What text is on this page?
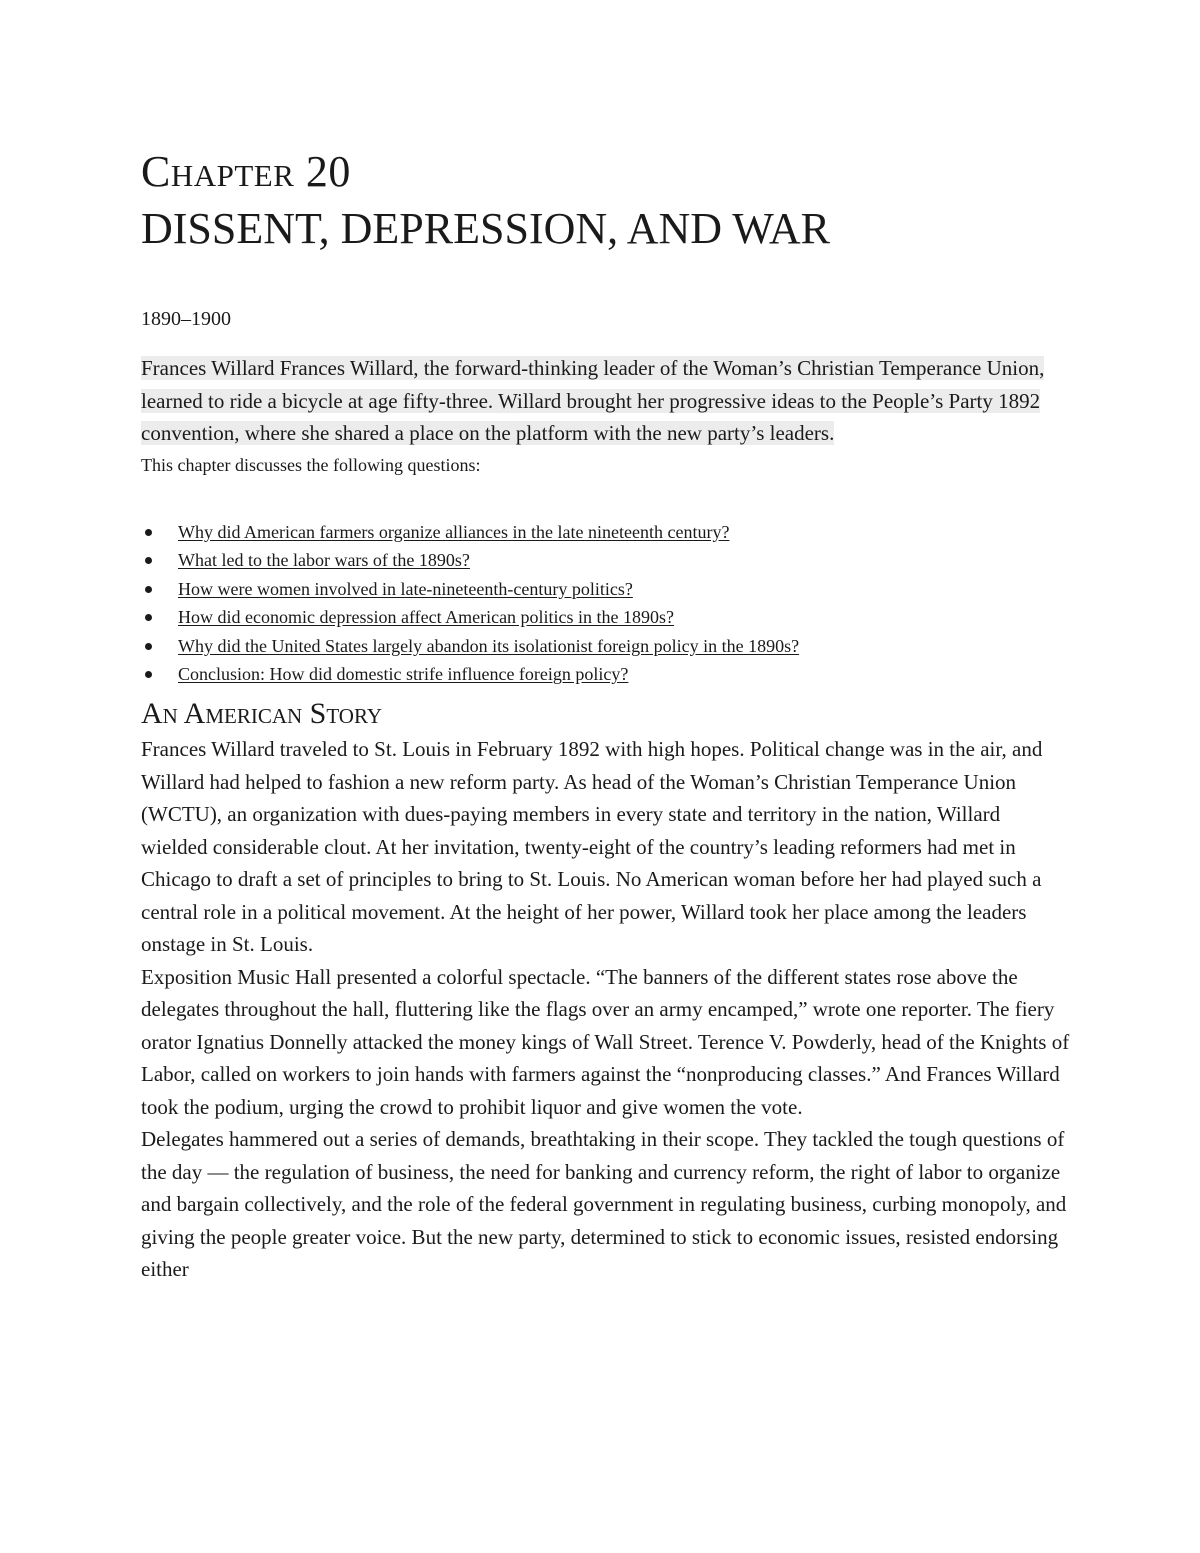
Chapter 20
DISSENT, DEPRESSION, AND WAR

1890–1900

Frances Willard Frances Willard, the forward-thinking leader of the Woman’s Christian Temperance Union, learned to ride a bicycle at age fifty-three. Willard brought her progressive ideas to the People’s Party 1892 convention, where she shared a place on the platform with the new party’s leaders.

This chapter discusses the following questions:

Why did American farmers organize alliances in the late nineteenth century?
What led to the labor wars of the 1890s?
How were women involved in late-nineteenth-century politics?
How did economic depression affect American politics in the 1890s?
Why did the United States largely abandon its isolationist foreign policy in the 1890s?
Conclusion: How did domestic strife influence foreign policy?
An American Story

Frances Willard traveled to St. Louis in February 1892 with high hopes. Political change was in the air, and Willard had helped to fashion a new reform party. As head of the Woman’s Christian Temperance Union (WCTU), an organization with dues-paying members in every state and territory in the nation, Willard wielded considerable clout. At her invitation, twenty-eight of the country’s leading reformers had met in Chicago to draft a set of principles to bring to St. Louis. No American woman before her had played such a central role in a political movement. At the height of her power, Willard took her place among the leaders onstage in St. Louis.

Exposition Music Hall presented a colorful spectacle. “The banners of the different states rose above the delegates throughout the hall, fluttering like the flags over an army encamped,” wrote one reporter. The fiery orator Ignatius Donnelly attacked the money kings of Wall Street. Terence V. Powderly, head of the Knights of Labor, called on workers to join hands with farmers against the “nonproducing classes.” And Frances Willard took the podium, urging the crowd to prohibit liquor and give women the vote.

Delegates hammered out a series of demands, breathtaking in their scope. They tackled the tough questions of the day — the regulation of business, the need for banking and currency reform, the right of labor to organize and bargain collectively, and the role of the federal government in regulating business, curbing monopoly, and giving the people greater voice. But the new party, determined to stick to economic issues, resisted endorsing either
